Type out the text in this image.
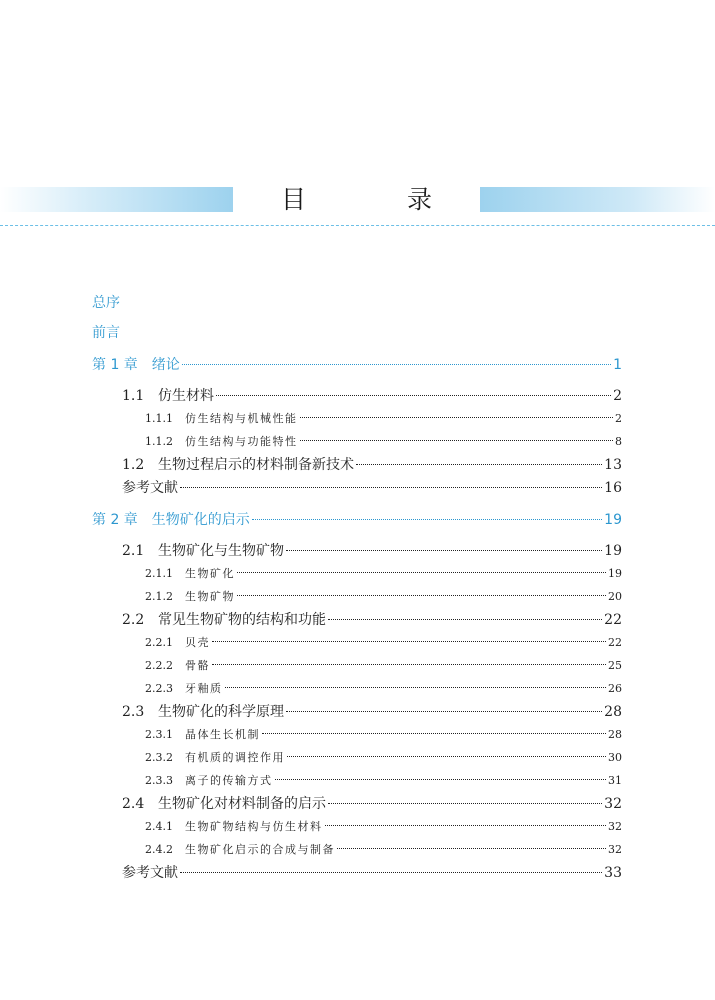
目　录
总序
前言
第 1 章　绪论	1
1.1 仿生材料	2
1.1.1	仿生结构与机械性能	2
1.1.2	仿生结构与功能特性	8
1.2 生物过程启示的材料制备新技术	13
参考文献	16
第 2 章　生物矿化的启示	19
2.1 生物矿化与生物矿物	19
2.1.1	生物矿化	19
2.1.2	生物矿物	20
2.2 常见生物矿物的结构和功能	22
2.2.1	贝壳	22
2.2.2	骨骼	25
2.2.3	牙釉质	26
2.3 生物矿化的科学原理	28
2.3.1	晶体生长机制	28
2.3.2	有机质的调控作用	30
2.3.3	离子的传输方式	31
2.4 生物矿化对材料制备的启示	32
2.4.1	生物矿物结构与仿生材料	32
2.4.2	生物矿化启示的合成与制备	32
参考文献	33
